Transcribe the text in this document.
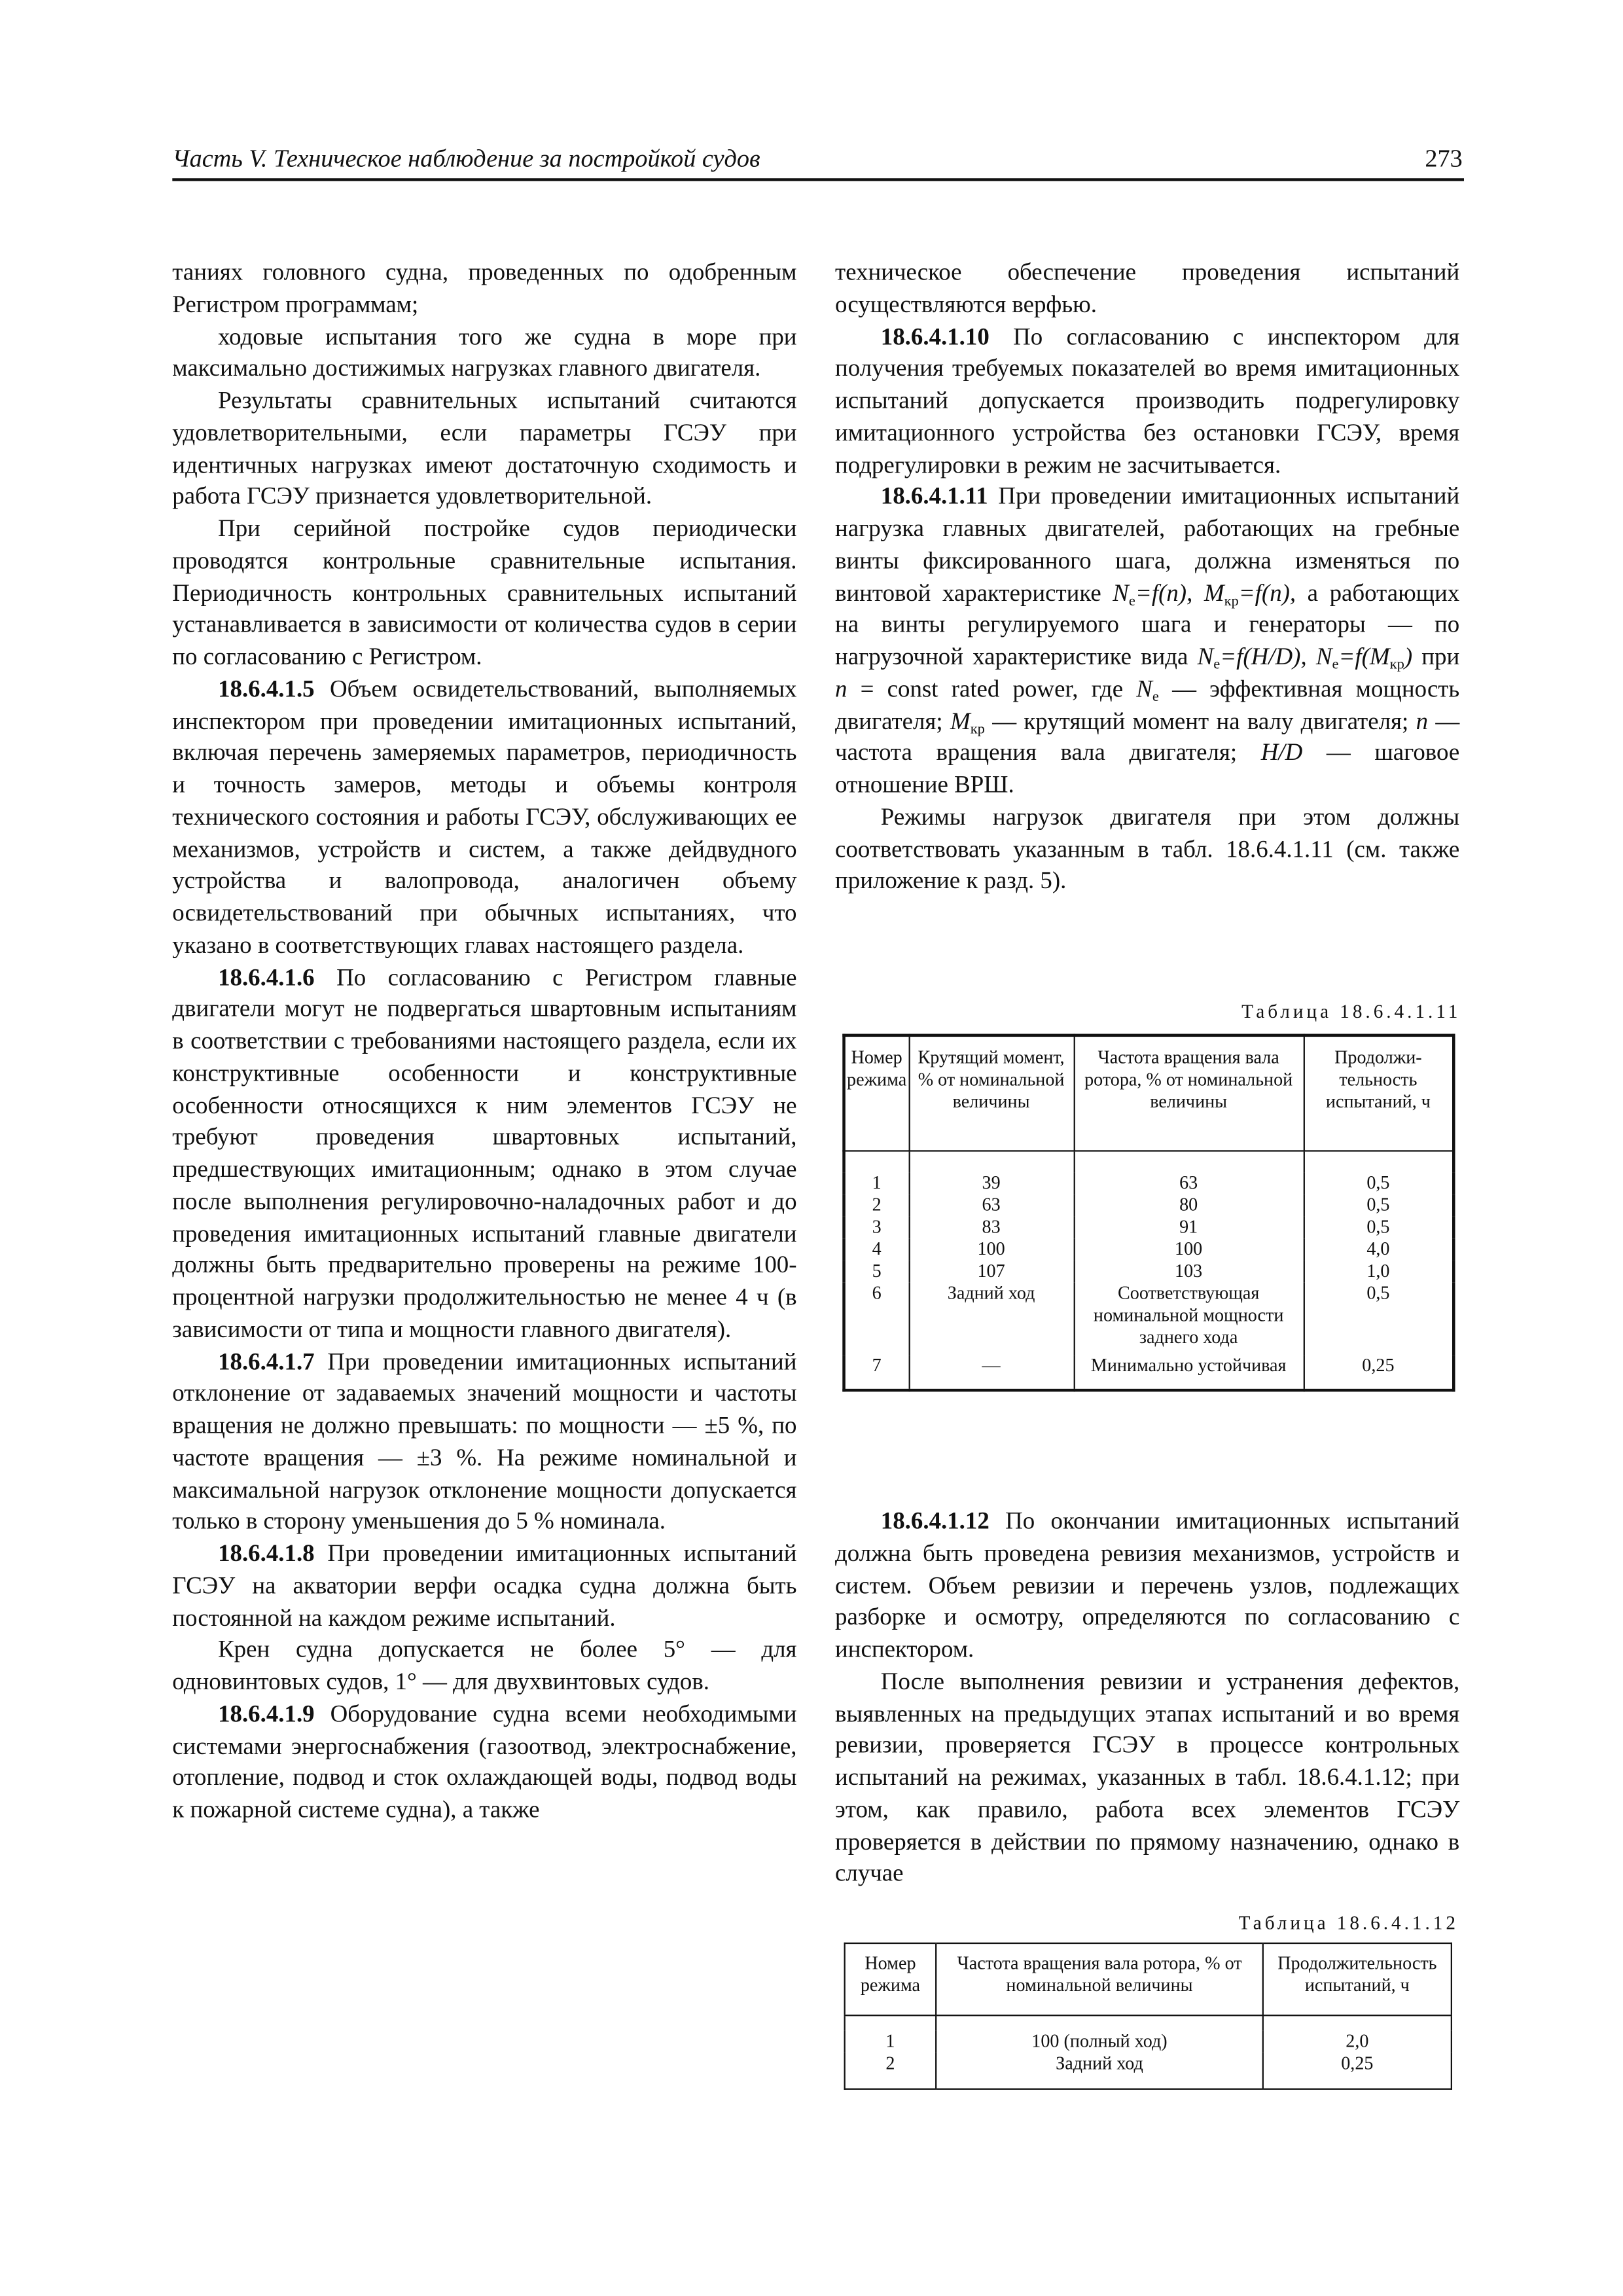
Часть V. Техническое наблюдение за постройкой судов	273

таниях головного судна, проведенных по одобренным Регистром программам;

ходовые испытания того же судна в море при максимально достижимых нагрузках главного двигателя.

Результаты сравнительных испытаний считаются удовлетворительными, если параметры ГСЭУ при идентичных нагрузках имеют достаточную сходимость и работа ГСЭУ признается удовлетворительной.

При серийной постройке судов периодически проводятся контрольные сравнительные испытания. Периодичность контрольных сравнительных испытаний устанавливается в зависимости от количества судов в серии по согласованию с Регистром.

18.6.4.1.5 Объем освидетельствований, выполняемых инспектором при проведении имитационных испытаний, включая перечень замеряемых параметров, периодичность и точность замеров, методы и объемы контроля технического состояния и работы ГСЭУ, обслуживающих ее механизмов, устройств и систем, а также дейдвудного устройства и валопровода, аналогичен объему освидетельствований при обычных испытаниях, что указано в соответствующих главах настоящего раздела.

18.6.4.1.6 По согласованию с Регистром главные двигатели могут не подвергаться швартовным испытаниям в соответствии с требованиями настоящего раздела, если их конструктивные особенности и конструктивные особенности относящихся к ним элементов ГСЭУ не требуют проведения швартовных испытаний, предшествующих имитационным; однако в этом случае после выполнения регулировочно-наладочных работ и до проведения имитационных испытаний главные двигатели должны быть предварительно проверены на режиме 100-процентной нагрузки продолжительностью не менее 4 ч (в зависимости от типа и мощности главного двигателя).

18.6.4.1.7 При проведении имитационных испытаний отклонение от задаваемых значений мощности и частоты вращения не должно превышать: по мощности — ±5 %, по частоте вращения — ±3 %. На режиме номинальной и максимальной нагрузок отклонение мощности допускается только в сторону уменьшения до 5 % номинала.

18.6.4.1.8 При проведении имитационных испытаний ГСЭУ на акватории верфи осадка судна должна быть постоянной на каждом режиме испытаний.

Крен судна допускается не более 5° — для одновинтовых судов, 1° — для двухвинтовых судов.

18.6.4.1.9 Оборудование судна всеми необходимыми системами энергоснабжения (газоотвод, электроснабжение, отопление, подвод и сток охлаждающей воды, подвод воды к пожарной системе судна), а также

техническое обеспечение проведения испытаний осуществляются верфью.

18.6.4.1.10 По согласованию с инспектором для получения требуемых показателей во время имитационных испытаний допускается производить подрегулировку имитационного устройства без остановки ГСЭУ, время подрегулировки в режим не засчитывается.

18.6.4.1.11 При проведении имитационных испытаний нагрузка главных двигателей, работающих на гребные винты фиксированного шага, должна изменяться по винтовой характеристике $N_e=f(n)$, $M_{кр}=f(n)$, а работающих на винты регулируемого шага и генераторы — по нагрузочной характеристике вида $N_e=f(H/D)$, $N_e=f(M_{кр})$ при n = const rated power, где $N_e$ — эффективная мощность двигателя; $M_{кр}$ — крутящий момент на валу двигателя; n — частота вращения вала двигателя; H/D — шаговое отношение ВРШ.

Режимы нагрузок двигателя при этом должны соответствовать указанным в табл. 18.6.4.1.11 (см. также приложение к разд. 5).

Таблица 18.6.4.1.11
Номер режима	Крутящий момент, % от номинальной величины	Частота вращения вала ротора, % от номинальной величины	Продолжительность испытаний, ч

1	39	63	0,5
2	63	80	0,5
3	83	91	0,5
4	100	100	4,0
5	107	103	1,0
6	Задний ход	Соответствующая номинальной мощности заднего хода	0,5
7	—	Минимально устойчивая	0,25

18.6.4.1.12 По окончании имитационных испытаний должна быть проведена ревизия механизмов, устройств и систем. Объем ревизии и перечень узлов, подлежащих разборке и осмотру, определяются по согласованию с инспектором.

После выполнения ревизии и устранения дефектов, выявленных на предыдущих этапах испытаний и во время ревизии, проверяется ГСЭУ в процессе контрольных испытаний на режимах, указанных в табл. 18.6.4.1.12; при этом, как правило, работа всех элементов ГСЭУ проверяется в действии по прямому назначению, однако в случае

Таблица 18.6.4.1.12
Номер режима	Частота вращения вала ротора, % от номинальной величины	Продолжительность испытаний, ч

1	100 (полный ход)	2,0
2	Задний ход	0,25
